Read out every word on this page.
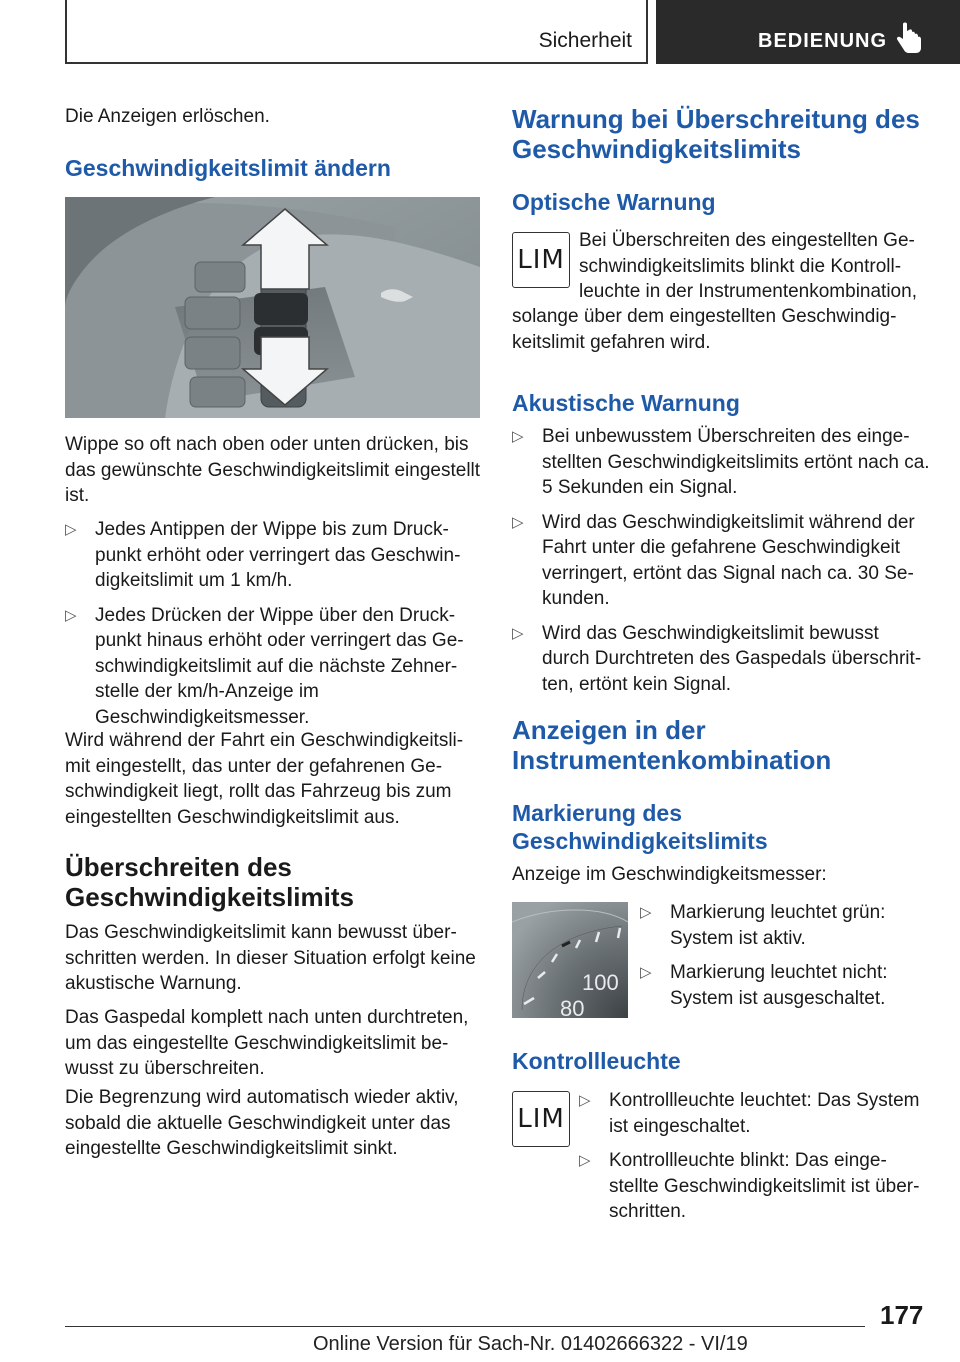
Sicherheit	BEDIENUNG

Die Anzeigen erlöschen.

Geschwindigkeitslimit ändern

Wippe so oft nach oben oder unten drücken, bis das gewünschte Geschwindigkeitslimit eingestellt ist.

▷ Jedes Antippen der Wippe bis zum Druckpunkt erhöht oder verringert das Geschwindigkeitslimit um 1 km/h.
▷ Jedes Drücken der Wippe über den Druckpunkt hinaus erhöht oder verringert das Geschwindigkeitslimit auf die nächste Zehnerstelle der km/h-Anzeige im Geschwindigkeitsmesser.

Wird während der Fahrt ein Geschwindigkeitslimit eingestellt, das unter der gefahrenen Geschwindigkeit liegt, rollt das Fahrzeug bis zum eingestellten Geschwindigkeitslimit aus.

Überschreiten des Geschwindigkeitslimits

Das Geschwindigkeitslimit kann bewusst überschritten werden. In dieser Situation erfolgt keine akustische Warnung.

Das Gaspedal komplett nach unten durchtreten, um das eingestellte Geschwindigkeitslimit bewusst zu überschreiten.

Die Begrenzung wird automatisch wieder aktiv, sobald die aktuelle Geschwindigkeit unter das eingestellte Geschwindigkeitslimit sinkt.

Warnung bei Überschreitung des Geschwindigkeitslimits
Optische Warnung
LIM

Bei Überschreiten des eingestellten Geschwindigkeitslimits blinkt die Kontrollleuchte in der Instrumentenkombination,

solange über dem eingestellten Geschwindigkeitslimit gefahren wird.

Akustische Warnung
▷ Bei unbewusstem Überschreiten des eingestellten Geschwindigkeitslimits ertönt nach ca. 5 Sekunden ein Signal.
▷ Wird das Geschwindigkeitslimit während der Fahrt unter die gefahrene Geschwindigkeit verringert, ertönt das Signal nach ca. 30 Sekunden.
▷ Wird das Geschwindigkeitslimit bewusst durch Durchtreten des Gaspedals überschritten, ertönt kein Signal.
Anzeigen in der Instrumentenkombination
Markierung des Geschwindigkeitslimits

Anzeige im Geschwindigkeitsmesser:

100
80
▷ Markierung leuchtet grün: System ist aktiv.
▷ Markierung leuchtet nicht: System ist ausgeschaltet.
Kontrollleuchte
LIM
▷ Kontrollleuchte leuchtet: Das System ist eingeschaltet.
▷ Kontrollleuchte blinkt: Das eingestellte Geschwindigkeitslimit ist überschritten.
177
Online Version für Sach-Nr. 01402666322 - VI/19
